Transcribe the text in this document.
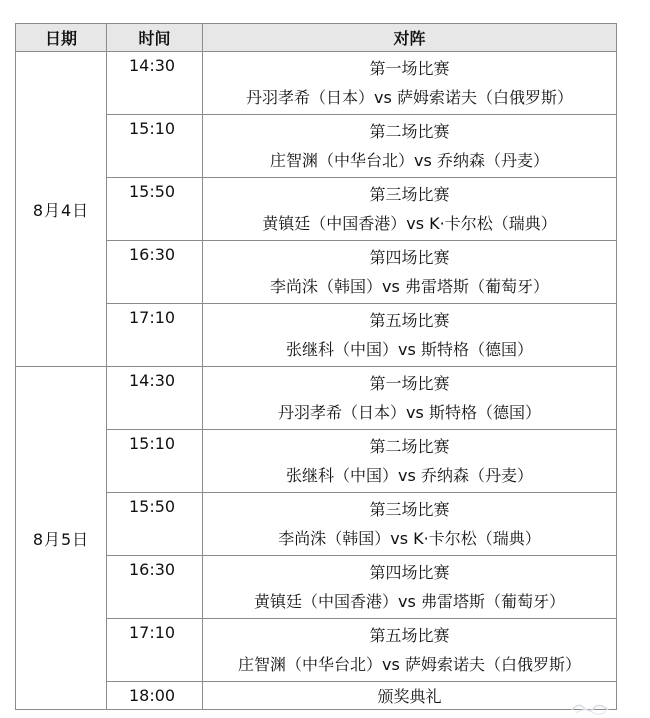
日期	时间	对阵
8月4日	14:30	第一场比赛
丹羽孝希（日本）vs 萨姆索诺夫（白俄罗斯）

	15:10	第二场比赛
庄智渊（中华台北）vs 乔纳森（丹麦）

	15:50	第三场比赛
黄镇廷（中国香港）vs K·卡尔松（瑞典）

	16:30	第四场比赛
李尚洙（韩国）vs 弗雷塔斯（葡萄牙）

	17:10	第五场比赛
张继科（中国）vs 斯特格（德国）

8月5日	14:30	第一场比赛
丹羽孝希（日本）vs 斯特格（德国）

	15:10	第二场比赛
张继科（中国）vs 乔纳森（丹麦）

	15:50	第三场比赛
李尚洙（韩国）vs K·卡尔松（瑞典）

	16:30	第四场比赛
黄镇廷（中国香港）vs 弗雷塔斯（葡萄牙）

	17:10	第五场比赛
庄智渊（中华台北）vs 萨姆索诺夫（白俄罗斯）

	18:00	颁奖典礼
